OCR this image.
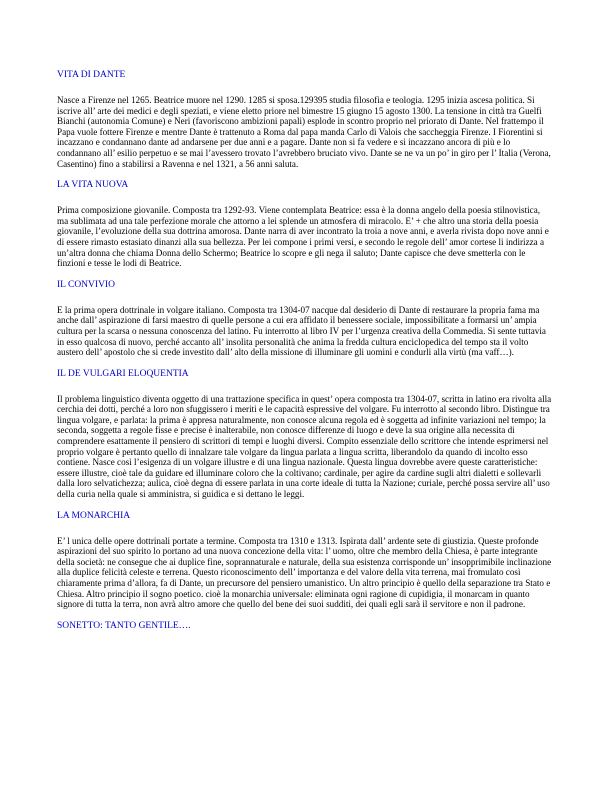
VITA DI DANTE

Nasce a Firenze nel 1265. Beatrice muore nel 1290. 1285 si sposa.129395 studia filosofia e teologia. 1295 inizia ascesa politica. Si iscrive all’ arte dei medici e degli speziati, e viene eletto priore nel bimestre 15 giugno 15 agosto 1300. La tensione in città tra Guelfi Bianchi (autonomia Comune) e Neri (favoriscono ambizioni papali) esplode in scontro proprio nel priorato di Dante. Nel frattempo il Papa vuole fottere Firenze e mentre Dante è trattenuto a Roma dal papa manda Carlo di Valois che saccheggia Firenze. I Fiorentini si incazzano e condannano dante ad andarsene per due anni e a pagare. Dante non si fa vedere e si incazzano ancora di più e lo condannano all’ esilio perpetuo e se mai l’avessero trovato l’avrebbero bruciato vivo. Dante se ne va un po’ in giro per l’ Italia (Verona, Casentino) fino a stabilirsi a Ravenna e nel 1321, a 56 anni saluta.

LA VITA NUOVA

Prima composizione giovanile. Composta tra 1292-93. Viene contemplata Beatrice: essa è la donna angelo della poesia stilnovistica, ma sublimata ad una tale perfezione morale che attorno a lei splende un atmosfera di miracolo. E’ + che altro una storia della poesia giovanile, l’evoluzione della sua dottrina amorosa. Dante narra di aver incontrato la troia a nove anni, e averla rivista dopo nove anni e di essere rimasto estasiato dinanzi alla sua bellezza. Per lei compone i primi versi, e secondo le regole dell’ amor cortese li indirizza a un’altra donna che chiama Donna dello Schermo; Beatrice lo scopre e gli nega il saluto; Dante capisce che deve smetterla con le finzioni e tesse le lodi di Beatrice.

IL CONVIVIO

E la prima opera dottrinale in volgare italiano. Composta tra 1304-07 nacque dal desiderio di Dante di restaurare la propria fama ma anche dall’ aspirazione di farsi maestro di quelle persone a cui era affidato il benessere sociale, impossibilitate a formarsi un’ ampia cultura per la scarsa o nessuna conoscenza del latino. Fu interrotto al libro IV per l’urgenza creativa della Commedia. Si sente tuttavia in esso qualcosa di nuovo, perché accanto all’ insolita personalità che anima la fredda cultura enciclopedica del tempo sta il volto austero dell’ apostolo che si crede investito dall’ alto della missione di illuminare gli uomini e condurli alla virtù (ma vaff…).

IL DE VULGARI ELOQUENTIA

Il problema linguistico diventa oggetto di una trattazione specifica in quest’ opera composta tra 1304-07, scritta in latino era rivolta alla cerchia dei dotti, perché a loro non sfuggissero i meriti e le capacità espressive del volgare. Fu interrotto al secondo libro. Distingue tra lingua volgare, e parlata: la prima è appresa naturalmente, non conosce alcuna regola ed è soggetta ad infinite variazioni nel tempo; la seconda, soggetta a regole fisse e precise è inalterabile, non conosce differenze di luogo e deve la sua origine alla necessita di comprendere esattamente il pensiero di scrittori di tempi e luoghi diversi. Compito essenziale dello scrittore che intende esprimersi nel proprio volgare è pertanto quello di innalzare tale volgare da lingua parlata a lingua scritta, liberandolo da quando di incolto esso contiene. Nasce così l’esigenza di un volgare illustre e di una lingua nazionale. Questa lingua dovrebbe avere queste caratteristiche: essere illustre, cioè tale da guidare ed illuminare coloro che la coltivano; cardinale, per agire da cardine sugli altri dialetti e sollevarli dalla loro selvatichezza; aulica, cioè degna di essere parlata in una corte ideale di tutta la Nazione; curiale, perché possa servire all’ uso della curia nella quale si amministra, si guidica e si dettano le leggi.

LA MONARCHIA

E’ l unica delle opere dottrinali portate a termine. Composta tra 1310 e 1313. Ispirata dall’ ardente sete di giustizia. Queste profonde aspirazioni del suo spirito lo portano ad una nuova concezione della vita: l’ uomo, oltre che membro della Chiesa, è parte integrante della società: ne consegue che ai duplice fine, soprannaturale e naturale, della sua esistenza corrisponde un’ insopprimibile inclinazione alla duplice felicità celeste e terrena. Questo riconoscimento dell’ importanza e del valore della vita terrena, mai fromulato così chiaramente prima d’allora, fa di Dante, un precursore del pensiero umanistico. Un altro principio è quello della separazione tra Stato e Chiesa. Altro principio il sogno poetico. cioè la monarchia universale: eliminata ogni ragione di cupidigia, il monarcam in quanto signore di tutta la terra, non avrà altro amore che quello del bene dei suoi sudditi, dei quali egli sarà il servitore e non il padrone.

SONETTO: TANTO GENTILE….
